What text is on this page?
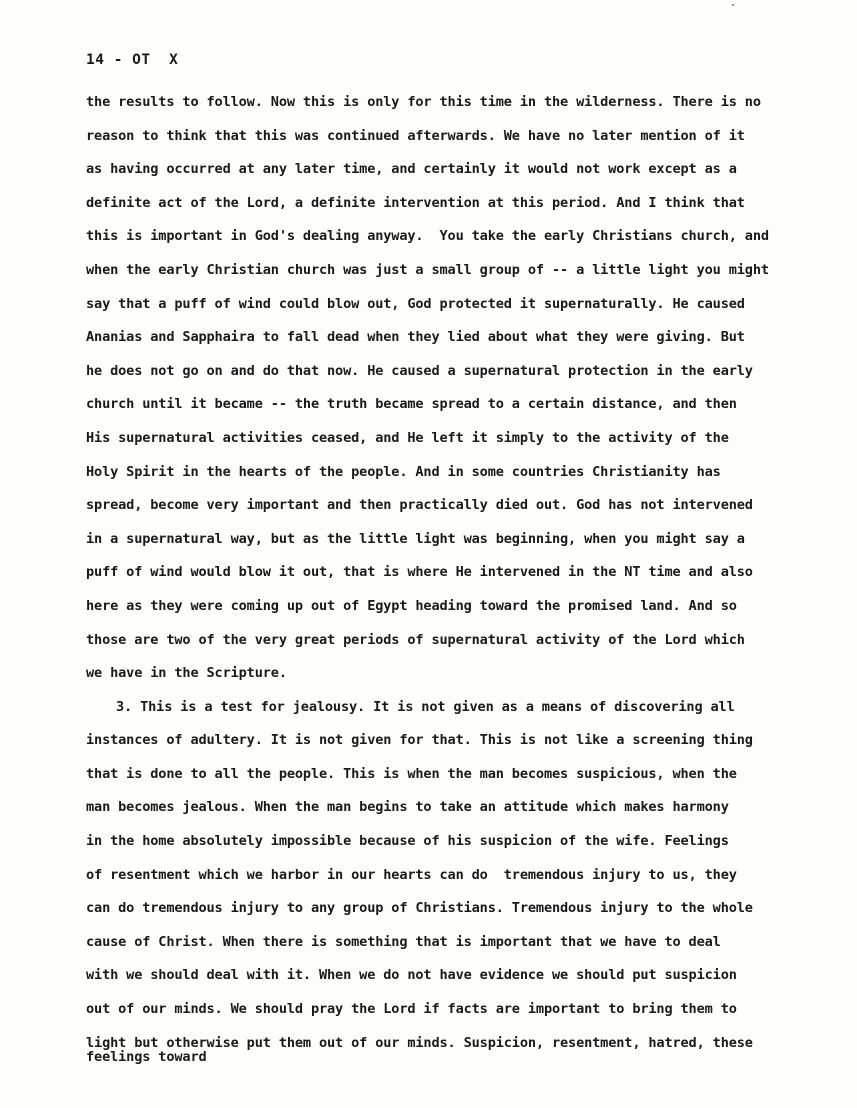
14 - OT  X
the results to follow. Now this is only for this time in the wilderness. There is no
reason to think that this was continued afterwards. We have no later mention of it
as having occurred at any later time, and certainly it would not work except as a
definite act of the Lord, a definite intervention at this period. And I think that
this is important in God's dealing anyway.  You take the early Christians church, and
when the early Christian church was just a small group of -- a little light you might
say that a puff of wind could blow out, God protected it supernaturally. He caused
Ananias and Sapphaira to fall dead when they lied about what they were giving. But
he does not go on and do that now. He caused a supernatural protection in the early
church until it became -- the truth became spread to a certain distance, and then
His supernatural activities ceased, and He left it simply to the activity of the
Holy Spirit in the hearts of the people. And in some countries Christianity has
spread, become very important and then practically died out. God has not intervened
in a supernatural way, but as the little light was beginning, when you might say a
puff of wind would blow it out, that is where He intervened in the NT time and also
here as they were coming up out of Egypt heading toward the promised land. And so
those are two of the very great periods of supernatural activity of the Lord which
we have in the Scripture.
3. This is a test for jealousy. It is not given as a means of discovering all
instances of adultery. It is not given for that. This is not like a screening thing
that is done to all the people. This is when the man becomes suspicious, when the
man becomes jealous. When the man begins to take an attitude which makes harmony
in the home absolutely impossible because of his suspicion of the wife. Feelings
of resentment which we harbor in our hearts can do  tremendous injury to us, they
can do tremendous injury to any group of Christians. Tremendous injury to the whole
cause of Christ. When there is something that is important that we have to deal
with we should deal with it. When we do not have evidence we should put suspicion
out of our minds. We should pray the Lord if facts are important to bring them to
light but otherwise put them out of our minds. Suspicion, resentment, hatred, these
feelings toward
